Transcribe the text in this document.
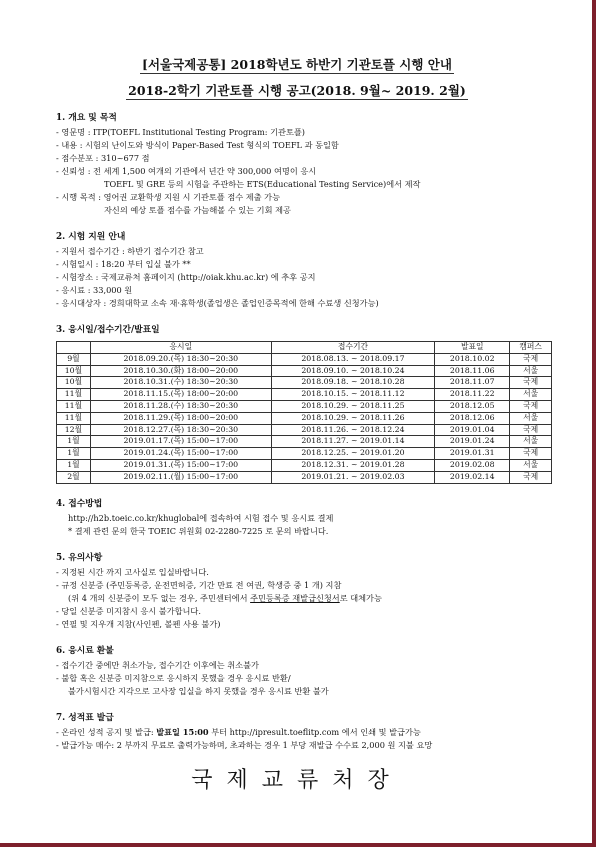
[서울국제공통] 2018학년도 하반기 기관토플 시행 안내
2018-2학기 기관토플 시행 공고(2018. 9월~ 2019. 2월)
1. 개요 및 목적
- 영문명 : ITP(TOEFL Institutional Testing Program: 기관토플)
- 내용 : 시험의 난이도와 방식이 Paper-Based Test 형식의 TOEFL 과 동일함
- 점수분포 : 310~677 점
- 신뢰성 : 전 세계 1,500 여개의 기관에서 년간 약 300,000 여명이 응시
TOEFL 및 GRE 등의 시험을 주관하는 ETS(Educational Testing Service)에서 제작
- 시행 목적 : 영어권 교환학생 지원 시 기관토플 점수 제출 가능
자신의 예상 토플 점수를 가늠해볼 수 있는 기회 제공
2. 시험 지원 안내
- 지원서 접수기간 : 하반기 접수기간 참고
- 시험일시 : 18:20 부터 입실 불가 **
- 시험장소 : 국제교류처 홈페이지 (http://oiak.khu.ac.kr) 에 추후 공지
- 응시료 : 33,000 원
- 응시대상자 : 경희대학교 소속 재·휴학생(졸업생은 졸업인증목적에 한해 수료생 신청가능)
3. 응시일/접수기간/발표일
	응시일	접수기간	발표일	캠퍼스
9월	2018.09.20.(목) 18:30~20:30	2018.08.13. ~ 2018.09.17	2018.10.02	국제
10월	2018.10.30.(화) 18:00~20:00	2018.09.10. ~ 2018.10.24	2018.11.06	서울
10월	2018.10.31.(수) 18:30~20:30	2018.09.18. ~ 2018.10.28	2018.11.07	국제
11월	2018.11.15.(목) 18:00~20:00	2018.10.15. ~ 2018.11.12	2018.11.22	서울
11월	2018.11.28.(수) 18:30~20:30	2018.10.29. ~ 2018.11.25	2018.12.05	국제
11월	2018.11.29.(목) 18:00~20:00	2018.10.29. ~ 2018.11.26	2018.12.06	서울
12월	2018.12.27.(목) 18:30~20:30	2018.11.26. ~ 2018.12.24	2019.01.04	국제
1월	2019.01.17.(목) 15:00~17:00	2018.11.27. ~ 2019.01.14	2019.01.24	서울
1월	2019.01.24.(목) 15:00~17:00	2018.12.25. ~ 2019.01.20	2019.01.31	국제
1월	2019.01.31.(목) 15:00~17:00	2018.12.31. ~ 2019.01.28	2019.02.08	서울
2월	2019.02.11.(월) 15:00~17:00	2019.01.21. ~ 2019.02.03	2019.02.14	국제
4. 접수방법
http://h2b.toeic.co.kr/khuglobal에 접속하여 시험 접수 및 응시료 결제
* 결제 관련 문의 한국 TOEIC 위원회 02-2280-7225 로 문의 바랍니다.
5. 유의사항
- 지정된 시간 까지 고사실로 입실바랍니다.
- 규정 신분증 (주민등록증, 운전면허증, 기간 만료 전 여권, 학생증 중 1 개) 지참
(위 4 개의 신분증이 모두 없는 경우, 주민센터에서 주민등록증 재발급신청서로 대체가능
- 당일 신분증 미지참시 응시 불가합니다.
- 연필 및 지우개 지참(사인펜, 볼펜 사용 불가)
6. 응시료 환불
- 접수기간 중에만 취소가능, 접수기간 이후에는 취소불가
- 불합 혹은 신분증 미지참으로 응시하지 못했을 경우 응시료 반환/
불가시험시간 지각으로 고사장 입실을 하지 못했을 경우 응시료 반환 불가
7. 성적표 발급
- 온라인 성적 공지 및 발급: 발표일 15:00 부터 http://ipresult.toeflitp.com 에서 인쇄 및 발급가능
- 발급가능 매수: 2 부까지 무료로 출력가능하며, 초과하는 경우 1 부당 재발급 수수료 2,000 원 지불 요망
국제교류처장
